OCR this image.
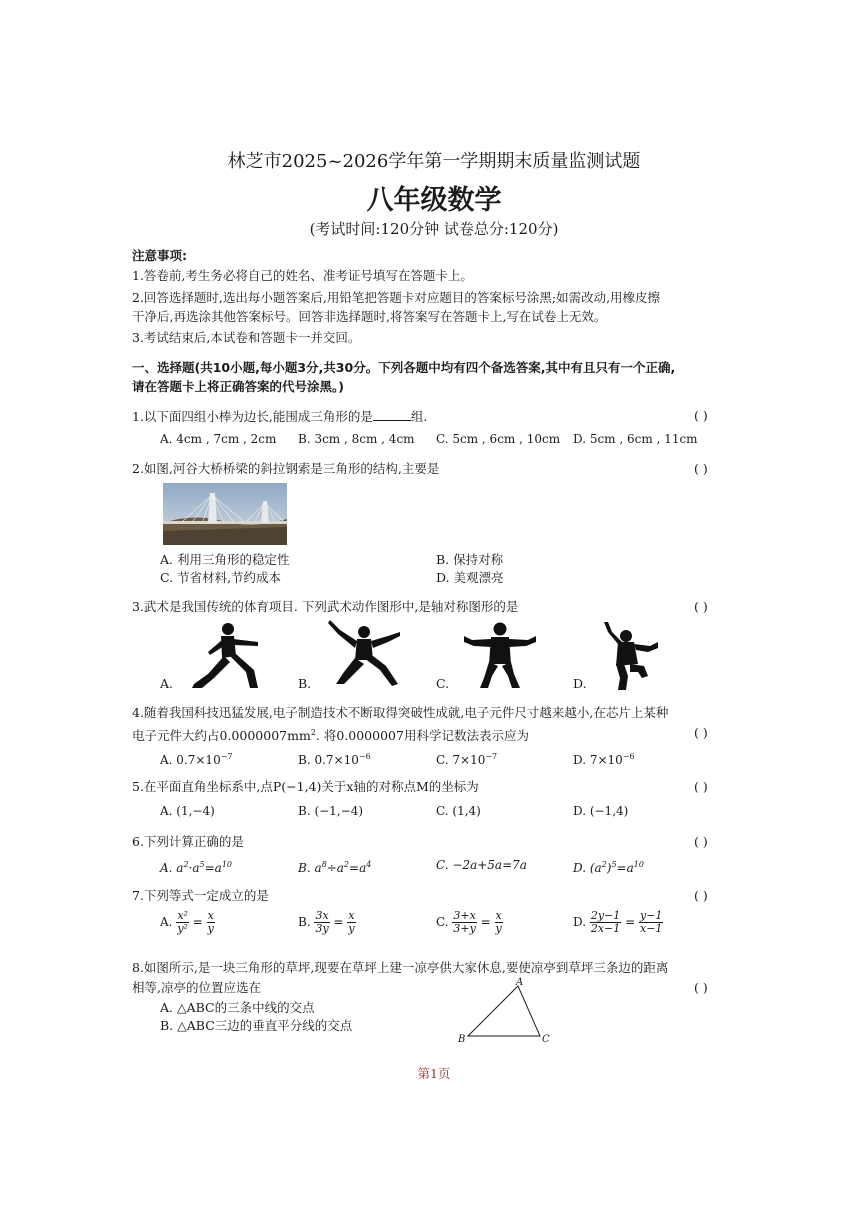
林芝市2025~2026学年第一学期期末质量监测试题
八年级数学
(考试时间:120分钟 试卷总分:120分)
注意事项:
1.答卷前,考生务必将自己的姓名、准考证号填写在答题卡上。
2.回答选择题时,选出每小题答案后,用铅笔把答题卡对应题目的答案标号涂黑;如需改动,用橡皮擦
干净后,再选涂其他答案标号。回答非选择题时,将答案写在答题卡上,写在试卷上无效。
3.考试结束后,本试卷和答题卡一并交回。
一、选择题(共10小题,每小题3分,共30分。下列各题中均有四个备选答案,其中有且只有一个正确,
请在答题卡上将正确答案的代号涂黑。)
1.以下面四组小棒为边长,能围成三角形的是	组.	( )
A. 4cm , 7cm , 2cm B. 3cm , 8cm , 4cm C. 5cm , 6cm , 10cm D. 5cm , 6cm , 11cm
2.如图,河谷大桥桥梁的斜拉钢索是三角形的结构,主要是	( )
A. 利用三角形的稳定性	B. 保持对称
C. 节省材料,节约成本	D. 美观漂亮
3.武术是我国传统的体育项目. 下列武术动作图形中,是轴对称图形的是	( )
A.	B.	C.	D.
4.随着我国科技迅猛发展,电子制造技术不断取得突破性成就,电子元件尺寸越来越小,在芯片上某种
电子元件大约占$0.0000007mm^2$. 将0.0000007用科学记数法表示应为	( )
A. $0.7\times 10^{-7}$	B. $0.7\times 10^{-6}$	C. $7\times 10^{-7}$	D. $7\times 10^{-6}$
5.在平面直角坐标系中,点P(−1,4)关于x轴的对称点M的坐标为	( )
A. (1,−4)	B. (−1,−4)	C. (1,4)	D. (−1,4)
6.下列计算正确的是	( )
A. $a^2\cdot a^5=a^{10}$	B. $a^8\div a^2=a^4$	C. −2a+5a=7a	D. $(a^2)^5=a^{10}$
7.下列等式一定成立的是	( )
A. $\frac{\text{x²}}{\text{y²}} = \frac{x}{y}$	B. $\frac{3x}{3y} = \frac{x}{y}$	C. $\frac{3+x}{3+y} = \frac{x}{y}$	D. $\frac{2y-1}{2x-1} = \frac{y-1}{x-1}$
8.如图所示,是一块三角形的草坪,现要在草坪上建一凉亭供大家休息,要使凉亭到草坪三条边的距离
相等,凉亭的位置应选在	( )
A. △ABC的三条中线的交点
B. △ABC三边的垂直平分线的交点
A
B	C
第1页
